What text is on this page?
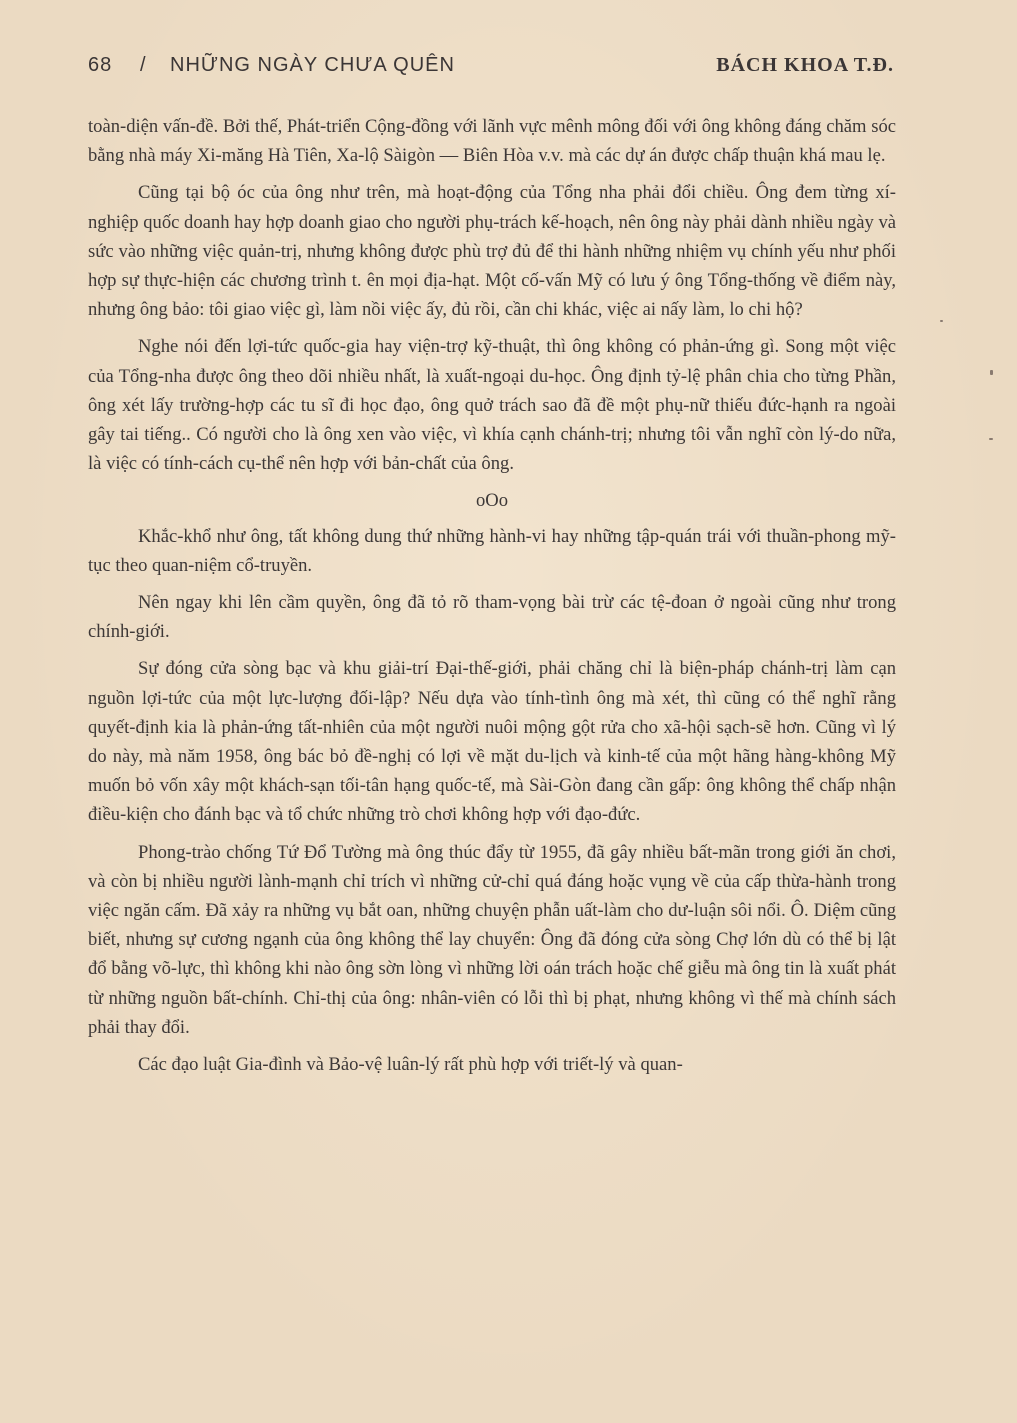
68 / NHỮNG NGÀY CHƯA QUÊN	BÁCH KHOA T.Đ.

toàn-diện vấn-đề. Bởi thế, Phát-triển Cộng-đồng với lãnh vực mênh mông đối với ông không đáng chăm sóc bằng nhà máy Xi-măng Hà Tiên, Xa-lộ Sàigòn — Biên Hòa v.v. mà các dự án được chấp thuận khá mau lẹ.

Cũng tại bộ óc của ông như trên, mà hoạt-động của Tổng nha phải đổi chiều. Ông đem từng xí-nghiệp quốc doanh hay hợp doanh giao cho người phụ-trách kế-hoạch, nên ông này phải dành nhiều ngày và sức vào những việc quản-trị, nhưng không được phù trợ đủ để thi hành những nhiệm vụ chính yếu như phối hợp sự thực-hiện các chương trình t. ên mọi địa-hạt. Một cố-vấn Mỹ có lưu ý ông Tổng-thống về điểm này, nhưng ông bảo: tôi giao việc gì, làm nồi việc ấy, đủ rồi, cần chi khác, việc ai nấy làm, lo chi hộ?

Nghe nói đến lợi-tức quốc-gia hay viện-trợ kỹ-thuật, thì ông không có phản-ứng gì. Song một việc của Tổng-nha được ông theo dõi nhiều nhất, là xuất-ngoại du-học. Ông định tỷ-lệ phân chia cho từng Phần, ông xét lấy trường-hợp các tu sĩ đi học đạo, ông quở trách sao đã đề một phụ-nữ thiếu đức-hạnh ra ngoài gây tai tiếng.. Có người cho là ông xen vào việc, vì khía cạnh chánh-trị; nhưng tôi vẫn nghĩ còn lý-do nữa, là việc có tính-cách cụ-thể nên hợp với bản-chất của ông.

oOo

Khắc-khổ như ông, tất không dung thứ những hành-vi hay những tập-quán trái với thuần-phong mỹ-tục theo quan-niệm cổ-truyền.

Nên ngay khi lên cầm quyền, ông đã tỏ rõ tham-vọng bài trừ các tệ-đoan ở ngoài cũng như trong chính-giới.

Sự đóng cửa sòng bạc và khu giải-trí Đại-thế-giới, phải chăng chỉ là biện-pháp chánh-trị làm cạn nguồn lợi-tức của một lực-lượng đối-lập? Nếu dựa vào tính-tình ông mà xét, thì cũng có thể nghĩ rằng quyết-định kia là phản-ứng tất-nhiên của một người nuôi mộng gột rửa cho xã-hội sạch-sẽ hơn. Cũng vì lý do này, mà năm 1958, ông bác bỏ đề-nghị có lợi về mặt du-lịch và kinh-tế của một hãng hàng-không Mỹ muốn bỏ vốn xây một khách-sạn tối-tân hạng quốc-tế, mà Sài-Gòn đang cần gấp: ông không thể chấp nhận điều-kiện cho đánh bạc và tổ chức những trò chơi không hợp với đạo-đức.

Phong-trào chống Tứ Đổ Tường mà ông thúc đẩy từ 1955, đã gây nhiều bất-mãn trong giới ăn chơi, và còn bị nhiều người lành-mạnh chỉ trích vì những cử-chỉ quá đáng hoặc vụng về của cấp thừa-hành trong việc ngăn cấm. Đã xảy ra những vụ bắt oan, những chuyện phẫn uất-làm cho dư-luận sôi nổi. Ô. Diệm cũng biết, nhưng sự cương ngạnh của ông không thể lay chuyển: Ông đã đóng cửa sòng Chợ lớn dù có thể bị lật đổ bằng võ-lực, thì không khi nào ông sờn lòng vì những lời oán trách hoặc chế giễu mà ông tin là xuất phát từ những nguồn bất-chính. Chỉ-thị của ông: nhân-viên có lỗi thì bị phạt, nhưng không vì thế mà chính sách phải thay đổi.

Các đạo luật Gia-đình và Bảo-vệ luân-lý rất phù hợp với triết-lý và quan-
